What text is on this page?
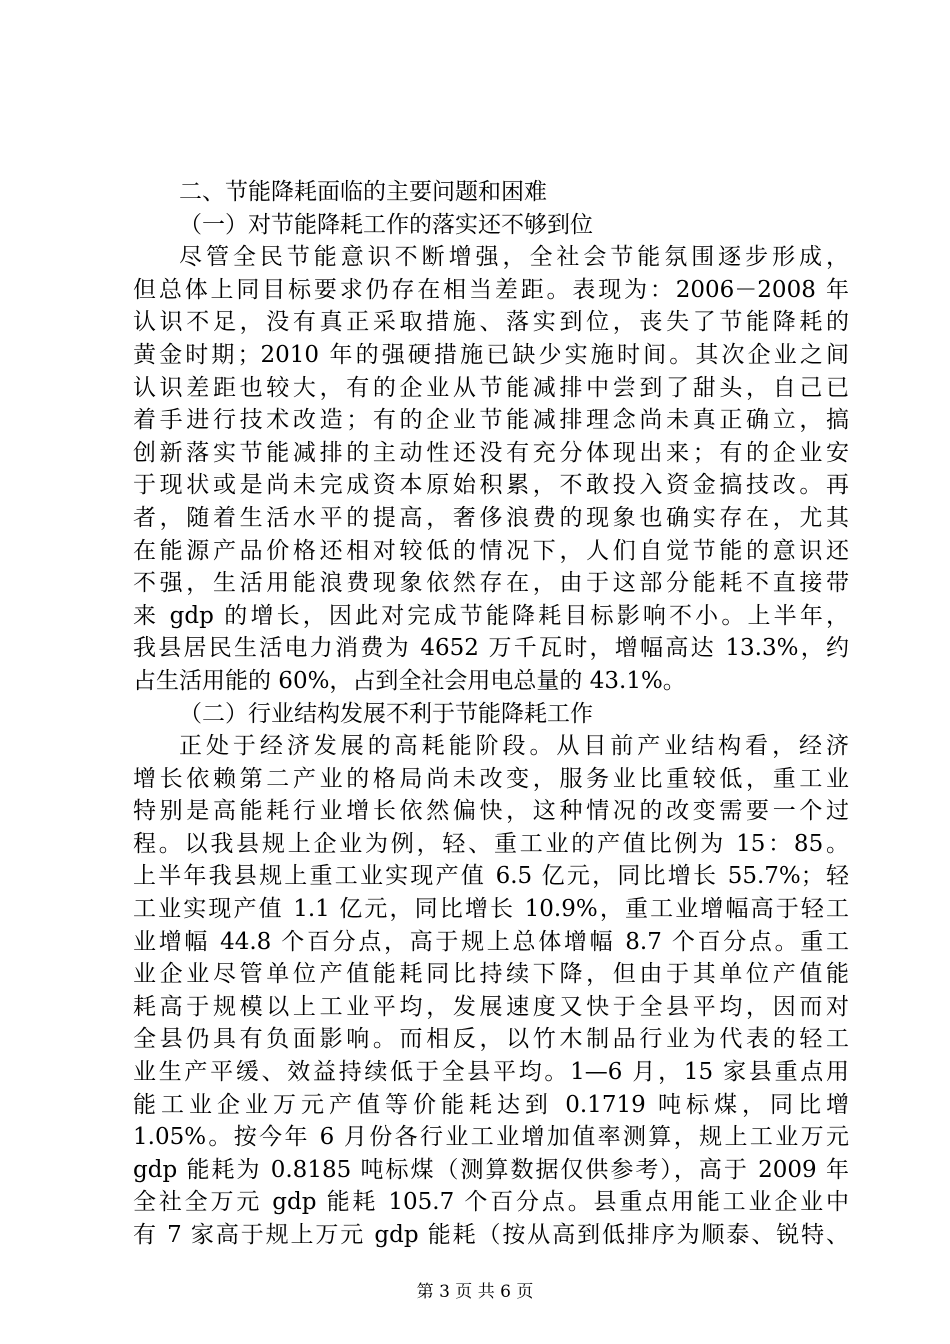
二、节能降耗面临的主要问题和困难
（一）对节能降耗工作的落实还不够到位
尽管全民节能意识不断增强，全社会节能氛围逐步形成，
但总体上同目标要求仍存在相当差距。表现为：2006－2008 年
认识不足，没有真正采取措施、落实到位，丧失了节能降耗的
黄金时期；2010 年的强硬措施已缺少实施时间。其次企业之间
认识差距也较大，有的企业从节能减排中尝到了甜头，自己已
着手进行技术改造；有的企业节能减排理念尚未真正确立，搞
创新落实节能减排的主动性还没有充分体现出来；有的企业安
于现状或是尚未完成资本原始积累，不敢投入资金搞技改。再
者，随着生活水平的提高，奢侈浪费的现象也确实存在，尤其
在能源产品价格还相对较低的情况下，人们自觉节能的意识还
不强，生活用能浪费现象依然存在，由于这部分能耗不直接带
来 gdp 的增长，因此对完成节能降耗目标影响不小。上半年，
我县居民生活电力消费为 4652 万千瓦时，增幅高达 13.3%，约
占生活用能的 60%，占到全社会用电总量的 43.1%。
（二）行业结构发展不利于节能降耗工作
正处于经济发展的高耗能阶段。从目前产业结构看，经济
增长依赖第二产业的格局尚未改变，服务业比重较低，重工业
特别是高能耗行业增长依然偏快，这种情况的改变需要一个过
程。以我县规上企业为例，轻、重工业的产值比例为 15：85。
上半年我县规上重工业实现产值 6.5 亿元，同比增长 55.7%；轻
工业实现产值 1.1 亿元，同比增长 10.9%，重工业增幅高于轻工
业增幅 44.8 个百分点，高于规上总体增幅 8.7 个百分点。重工
业企业尽管单位产值能耗同比持续下降，但由于其单位产值能
耗高于规模以上工业平均，发展速度又快于全县平均，因而对
全县仍具有负面影响。而相反，以竹木制品行业为代表的轻工
业生产平缓、效益持续低于全县平均。1—6 月，15 家县重点用
能工业企业万元产值等价能耗达到 0.1719 吨标煤，同比增
1.05%。按今年 6 月份各行业工业增加值率测算，规上工业万元
gdp 能耗为 0.8185 吨标煤（测算数据仅供参考），高于 2009 年
全社全万元 gdp 能耗 105.7 个百分点。县重点用能工业企业中
有 7 家高于规上万元 gdp 能耗（按从高到低排序为顺泰、锐特、
第 3 页 共 6 页
